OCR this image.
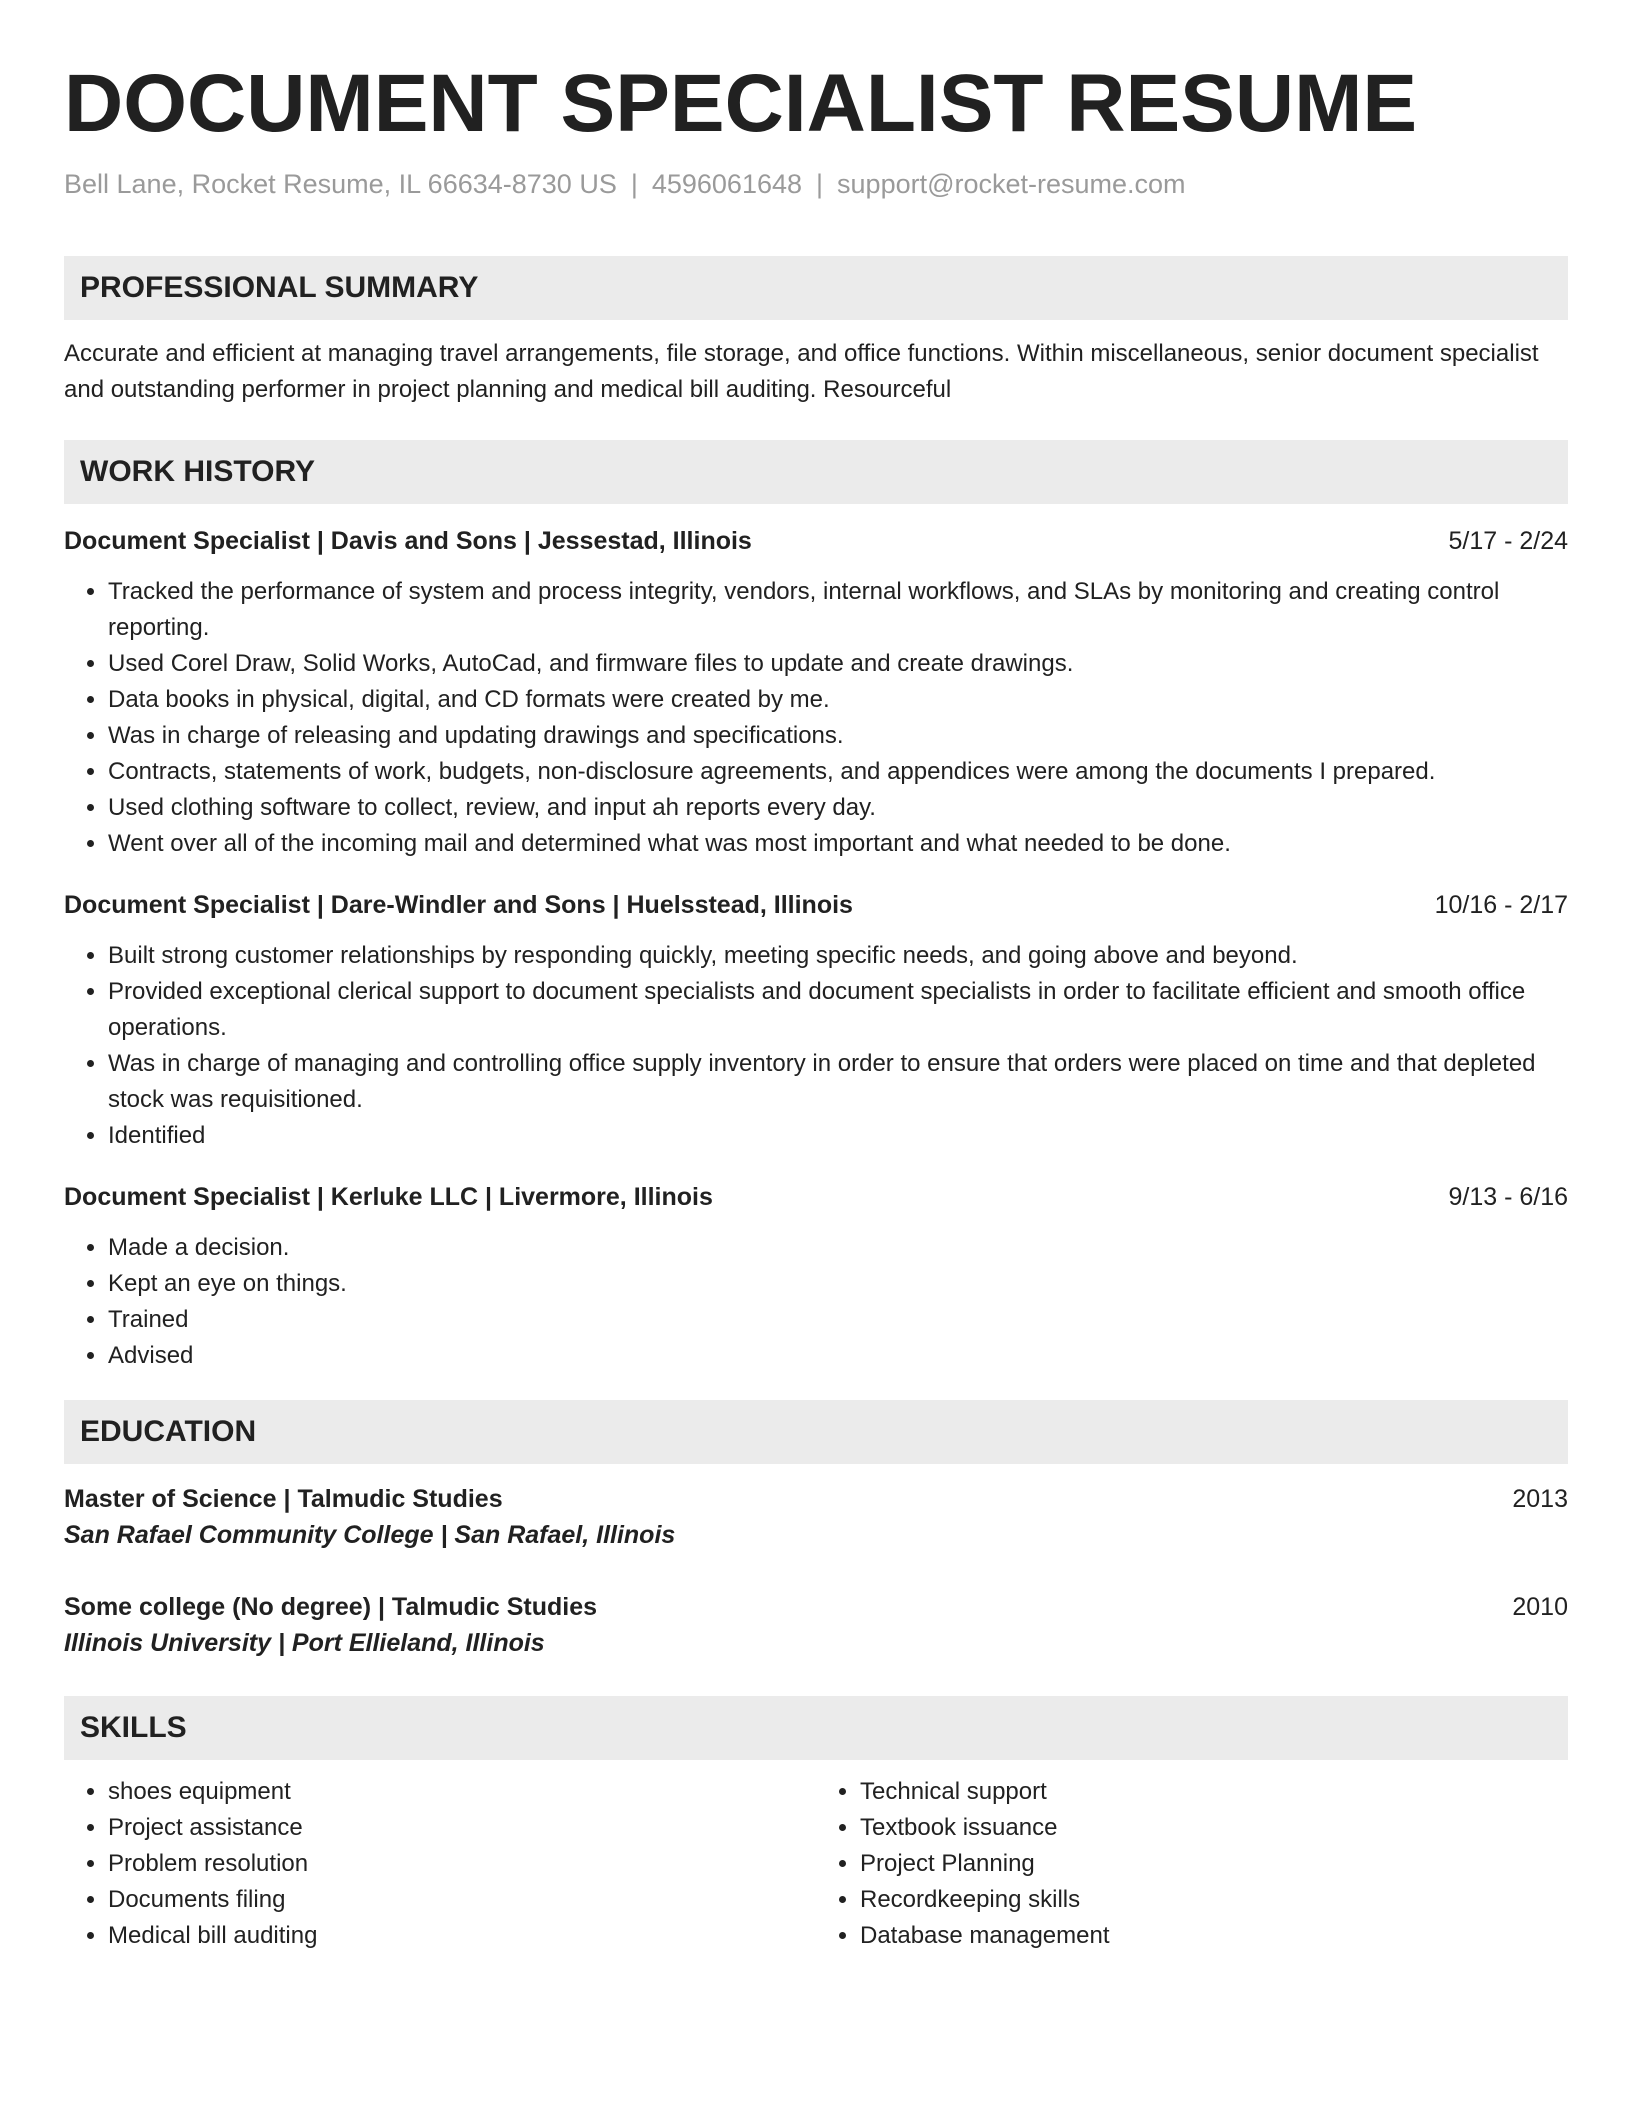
DOCUMENT SPECIALIST RESUME
Bell Lane, Rocket Resume, IL 66634-8730 US | 4596061648 | support@rocket-resume.com
PROFESSIONAL SUMMARY
Accurate and efficient at managing travel arrangements, file storage, and office functions. Within miscellaneous, senior document specialist and outstanding performer in project planning and medical bill auditing. Resourceful
WORK HISTORY
Document Specialist | Davis and Sons | Jessestad, Illinois	5/17 - 2/24
• Tracked the performance of system and process integrity, vendors, internal workflows, and SLAs by monitoring and creating control reporting.
• Used Corel Draw, Solid Works, AutoCad, and firmware files to update and create drawings.
• Data books in physical, digital, and CD formats were created by me.
• Was in charge of releasing and updating drawings and specifications.
• Contracts, statements of work, budgets, non-disclosure agreements, and appendices were among the documents I prepared.
• Used clothing software to collect, review, and input ah reports every day.
• Went over all of the incoming mail and determined what was most important and what needed to be done.
Document Specialist | Dare-Windler and Sons | Huelsstead, Illinois	10/16 - 2/17
• Built strong customer relationships by responding quickly, meeting specific needs, and going above and beyond.
• Provided exceptional clerical support to document specialists and document specialists in order to facilitate efficient and smooth office operations.
• Was in charge of managing and controlling office supply inventory in order to ensure that orders were placed on time and that depleted stock was requisitioned.
• Identified
Document Specialist | Kerluke LLC | Livermore, Illinois	9/13 - 6/16
• Made a decision.
• Kept an eye on things.
• Trained
• Advised
EDUCATION
Master of Science | Talmudic Studies	2013
San Rafael Community College | San Rafael, Illinois
Some college (No degree) | Talmudic Studies	2010
Illinois University | Port Ellieland, Illinois
SKILLS
• shoes equipment
• Project assistance
• Problem resolution
• Documents filing
• Medical bill auditing
• Technical support
• Textbook issuance
• Project Planning
• Recordkeeping skills
• Database management
